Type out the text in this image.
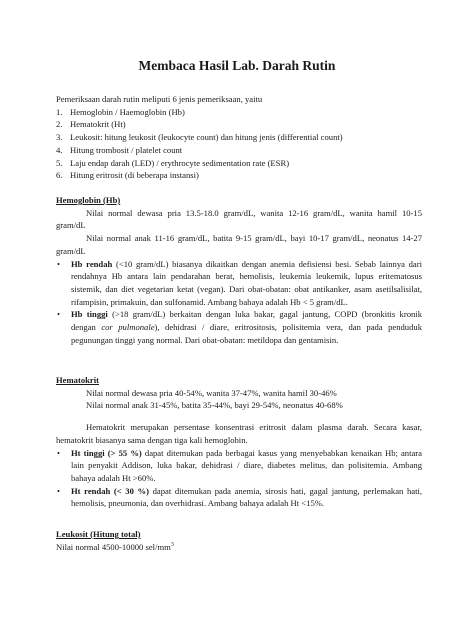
Membaca Hasil Lab. Darah Rutin
Pemeriksaan darah rutin meliputi 6 jenis pemeriksaan, yaitu
1. Hemoglobin / Haemoglobin (Hb)
2. Hematokrit (Ht)
3. Leukosit: hitung leukosit (leukocyte count) dan hitung jenis (differential count)
4. Hitung trombosit / platelet count
5. Laju endap darah (LED) / erythrocyte sedimentation rate (ESR)
6. Hitung eritrosit (di beberapa instansi)
Hemoglobin (Hb)
Nilai normal dewasa pria 13.5-18.0 gram/dL, wanita 12-16 gram/dL, wanita hamil 10-15 gram/dL
Nilai normal anak 11-16 gram/dL, batita 9-15 gram/dL, bayi 10-17 gram/dL, neonatus 14-27 gram/dL
• Hb rendah (<10 gram/dL) biasanya dikaitkan dengan anemia defisiensi besi. Sebab lainnya dari rendahnya Hb antara lain pendarahan berat, hemolisis, leukemia leukemik, lupus eritematosus sistemik, dan diet vegetarian ketat (vegan). Dari obat-obatan: obat antikanker, asam asetilsalisilat, rifampisin, primakuin, dan sulfonamid. Ambang bahaya adalah Hb < 5 gram/dL.
• Hb tinggi (>18 gram/dL) berkaitan dengan luka bakar, gagal jantung, COPD (bronkitis kronik dengan cor pulmonale), dehidrasi / diare, eritrositosis, polisitemia vera, dan pada penduduk pegunungan tinggi yang normal. Dari obat-obatan: metildopa dan gentamisin.
Hematokrit
Nilai normal dewasa pria 40-54%, wanita 37-47%, wanita hamil 30-46%
Nilai normal anak 31-45%, batita 35-44%, bayi 29-54%, neonatus 40-68%
Hematokrit merupakan persentase konsentrasi eritrosit dalam plasma darah. Secara kasar, hematokrit biasanya sama dengan tiga kali hemoglobin.
• Ht tinggi (> 55 %) dapat ditemukan pada berbagai kasus yang menyebabkan kenaikan Hb; antara lain penyakit Addison, luka bakar, dehidrasi / diare, diabetes melitus, dan polisitemia. Ambang bahaya adalah Ht >60%.
• Ht rendah (< 30 %) dapat ditemukan pada anemia, sirosis hati, gagal jantung, perlemakan hati, hemolisis, pneumonia, dan overhidrasi. Ambang bahaya adalah Ht <15%.
Leukosit (Hitung total)
Nilai normal 4500-10000 sel/$mm^3$
